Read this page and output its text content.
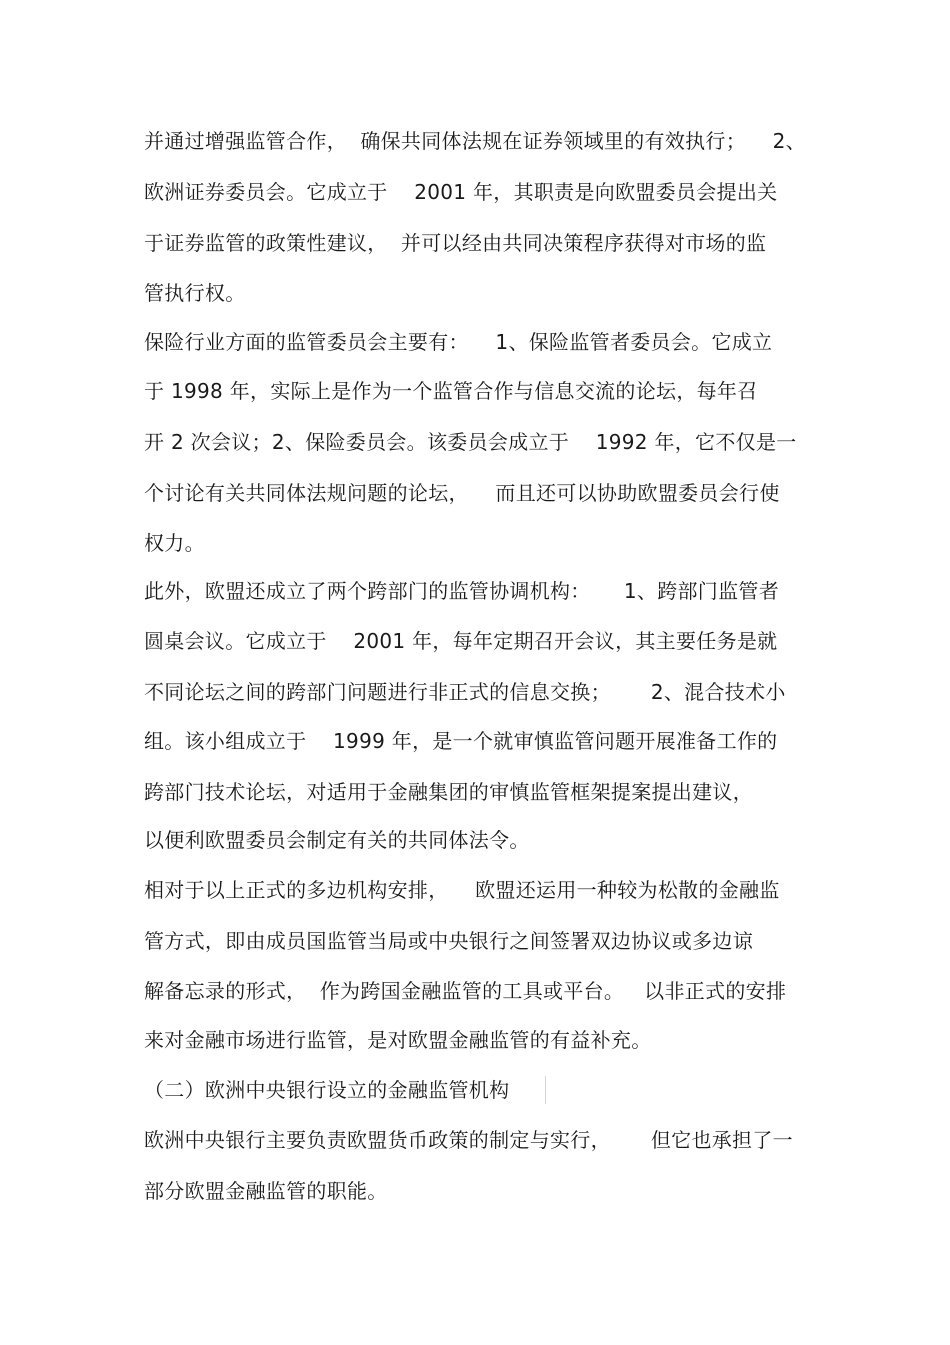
并通过增强监管合作，  确保共同体法规在证券领域里的有效执行；    2、
欧洲证券委员会。它成立于    2001 年，其职责是向欧盟委员会提出关
于证券监管的政策性建议，  并可以经由共同决策程序获得对市场的监
管执行权。
保险行业方面的监管委员会主要有：    1、保险监管者委员会。它成立
于 1998 年，实际上是作为一个监管合作与信息交流的论坛，每年召
开 2 次会议；2、保险委员会。该委员会成立于    1992 年，它不仅是一
个讨论有关共同体法规问题的论坛，    而且还可以协助欧盟委员会行使
权力。
此外，欧盟还成立了两个跨部门的监管协调机构：     1、跨部门监管者
圆桌会议。它成立于    2001 年，每年定期召开会议，其主要任务是就
不同论坛之间的跨部门问题进行非正式的信息交换；      2、混合技术小
组。该小组成立于    1999 年，是一个就审慎监管问题开展准备工作的
跨部门技术论坛，对适用于金融集团的审慎监管框架提案提出建议，
以便利欧盟委员会制定有关的共同体法令。
相对于以上正式的多边机构安排，    欧盟还运用一种较为松散的金融监
管方式，即由成员国监管当局或中央银行之间签署双边协议或多边谅
解备忘录的形式，  作为跨国金融监管的工具或平台。   以非正式的安排
来对金融市场进行监管，是对欧盟金融监管的有益补充。
（二）欧洲中央银行设立的金融监管机构
欧洲中央银行主要负责欧盟货币政策的制定与实行，      但它也承担了一
部分欧盟金融监管的职能。
